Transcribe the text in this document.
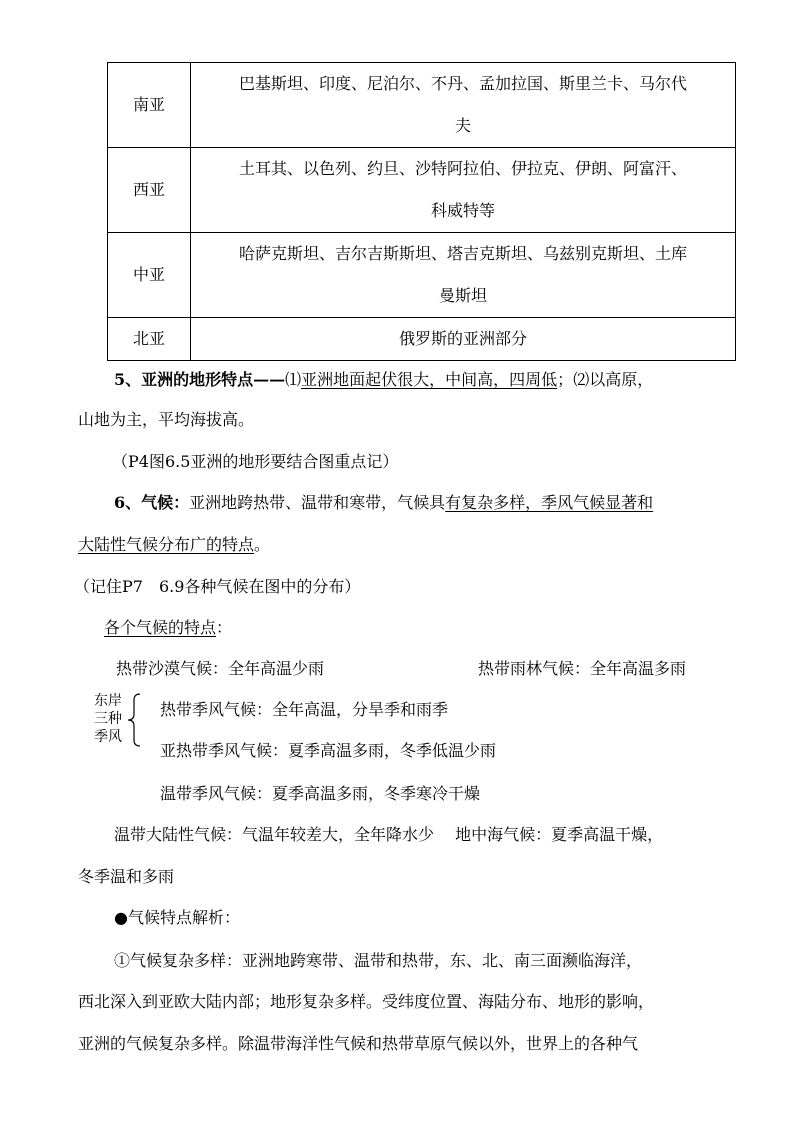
南亚	巴基斯坦、印度、尼泊尔、不丹、孟加拉国、斯里兰卡、马尔代
夫

西亚	土耳其、以色列、约旦、沙特阿拉伯、伊拉克、伊朗、阿富汗、
科威特等

中亚	哈萨克斯坦、吉尔吉斯斯坦、塔吉克斯坦、乌兹别克斯坦、土库
曼斯坦

北亚	俄罗斯的亚洲部分
5、亚洲的地形特点——⑴亚洲地面起伏很大，中间高，四周低；⑵以高原，
山地为主，平均海拔高。
（P4图6.5亚洲的地形要结合图重点记）
6、气候：亚洲地跨热带、温带和寒带，气候具有复杂多样，季风气候显著和
大陆性气候分布广的特点。
（记住P7　6.9各种气候在图中的分布）
各个气候的特点：
热带沙漠气候：全年高温少雨	热带雨林气候：全年高温多雨
东岸
三种
季风
热带季风气候：全年高温，分旱季和雨季
亚热带季风气候：夏季高温多雨，冬季低温少雨
温带季风气候：夏季高温多雨，冬季寒冷干燥
温带大陆性气候：气温年较差大，全年降水少　 地中海气候：夏季高温干燥，
冬季温和多雨
●气候特点解析：
①气候复杂多样：亚洲地跨寒带、温带和热带，东、北、南三面濒临海洋，
西北深入到亚欧大陆内部；地形复杂多样。受纬度位置、海陆分布、地形的影响，
亚洲的气候复杂多样。除温带海洋性气候和热带草原气候以外，世界上的各种气
